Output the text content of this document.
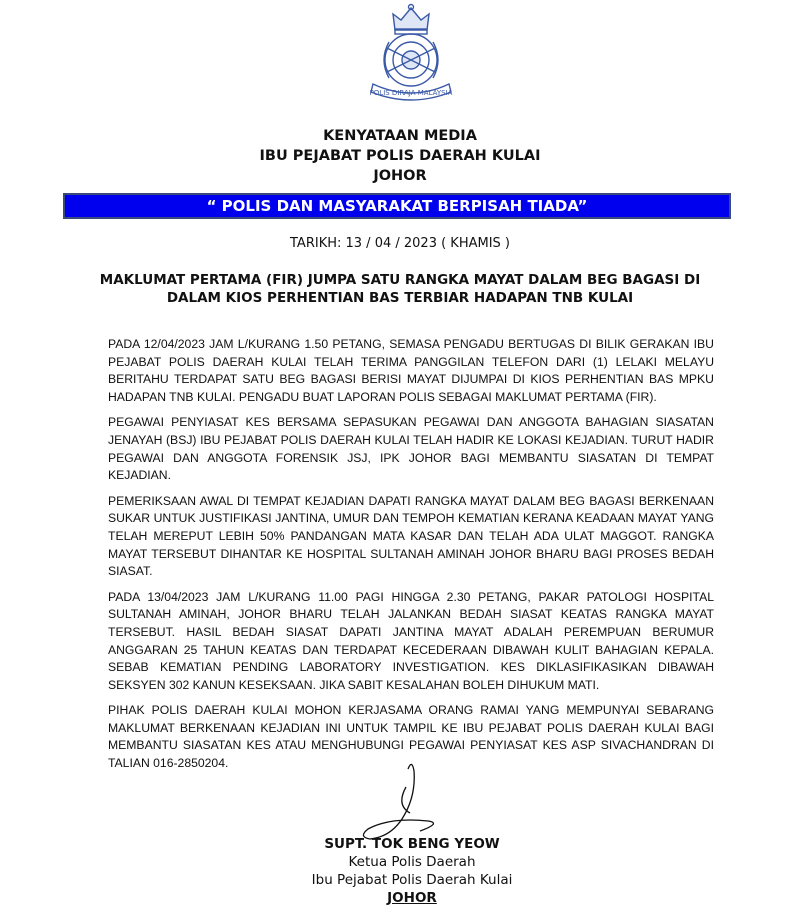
POLIS DIRAJA MALAYSIA
KENYATAAN MEDIA
IBU PEJABAT POLIS DAERAH KULAI
JOHOR
“ POLIS DAN MASYARAKAT BERPISAH TIADA”
TARIKH: 13 / 04 / 2023 ( KHAMIS )
MAKLUMAT PERTAMA (FIR) JUMPA SATU RANGKA MAYAT DALAM BEG BAGASI DI
DALAM KIOS PERHENTIAN BAS TERBIAR HADAPAN TNB KULAI
PADA 12/04/2023 JAM L/KURANG 1.50 PETANG, SEMASA PENGADU BERTUGAS DI BILIK GERAKAN IBU PEJABAT POLIS DAERAH KULAI TELAH TERIMA PANGGILAN TELEFON DARI (1) LELAKI MELAYU BERITAHU TERDAPAT SATU BEG BAGASI BERISI MAYAT DIJUMPAI DI KIOS PERHENTIAN BAS MPKU HADAPAN TNB KULAI. PENGADU BUAT LAPORAN POLIS SEBAGAI MAKLUMAT PERTAMA (FIR).
PEGAWAI PENYIASAT KES BERSAMA SEPASUKAN PEGAWAI DAN ANGGOTA BAHAGIAN SIASATAN JENAYAH (BSJ) IBU PEJABAT POLIS DAERAH KULAI TELAH HADIR KE LOKASI KEJADIAN. TURUT HADIR PEGAWAI DAN ANGGOTA FORENSIK JSJ, IPK JOHOR BAGI MEMBANTU SIASATAN DI TEMPAT KEJADIAN.
PEMERIKSAAN AWAL DI TEMPAT KEJADIAN DAPATI RANGKA MAYAT DALAM BEG BAGASI BERKENAAN SUKAR UNTUK JUSTIFIKASI JANTINA, UMUR DAN TEMPOH KEMATIAN KERANA KEADAAN MAYAT YANG TELAH MEREPUT LEBIH 50% PANDANGAN MATA KASAR DAN TELAH ADA ULAT MAGGOT. RANGKA MAYAT TERSEBUT DIHANTAR KE HOSPITAL SULTANAH AMINAH JOHOR BHARU BAGI PROSES BEDAH SIASAT.
PADA 13/04/2023 JAM L/KURANG 11.00 PAGI HINGGA 2.30 PETANG, PAKAR PATOLOGI HOSPITAL SULTANAH AMINAH, JOHOR BHARU TELAH JALANKAN BEDAH SIASAT KEATAS RANGKA MAYAT TERSEBUT. HASIL BEDAH SIASAT DAPATI JANTINA MAYAT ADALAH PEREMPUAN BERUMUR ANGGARAN 25 TAHUN KEATAS DAN TERDAPAT KECEDERAAN DIBAWAH KULIT BAHAGIAN KEPALA. SEBAB KEMATIAN PENDING LABORATORY INVESTIGATION. KES DIKLASIFIKASIKAN DIBAWAH SEKSYEN 302 KANUN KESEKSAAN. JIKA SABIT KESALAHAN BOLEH DIHUKUM MATI.
PIHAK POLIS DAERAH KULAI MOHON KERJASAMA ORANG RAMAI YANG MEMPUNYAI SEBARANG MAKLUMAT BERKENAAN KEJADIAN INI UNTUK TAMPIL KE IBU PEJABAT POLIS DAERAH KULAI BAGI MEMBANTU SIASATAN KES ATAU MENGHUBUNGI PEGAWAI PENYIASAT KES ASP SIVACHANDRAN DI TALIAN 016-2850204.
SUPT. TOK BENG YEOW
Ketua Polis Daerah
Ibu Pejabat Polis Daerah Kulai
JOHOR
